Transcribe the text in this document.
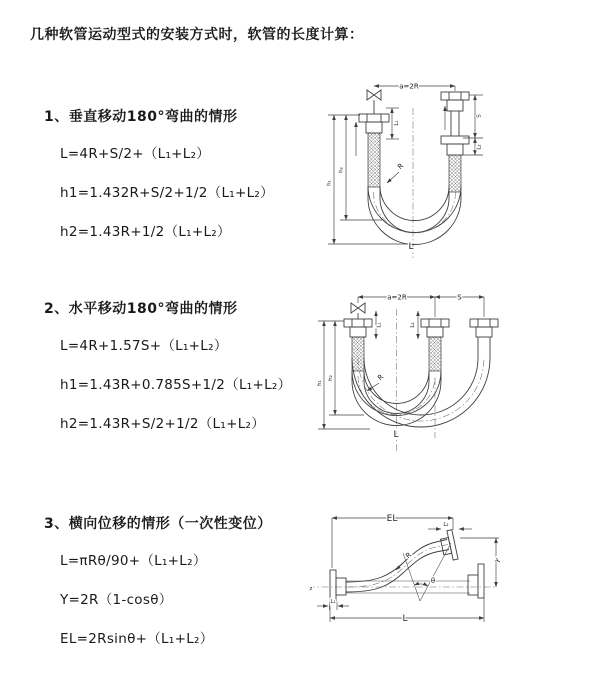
几种软管运动型式的安装方式时，软管的长度计算：
1、垂直移动180°弯曲的情形
L=4R+S/2+（L₁+L₂）
h1=1.432R+S/2+1/2（L₁+L₂）
h2=1.43R+1/2（L₁+L₂）
2、水平移动180°弯曲的情形
L=4R+1.57S+（L₁+L₂）
h1=1.43R+0.785S+1/2（L₁+L₂）
h2=1.43R+S/2+1/2（L₁+L₂）
3、横向位移的情形（一次性变位）
L=πRθ/90+（L₁+L₂）
Y=2R（1-cosθ）
EL=2Rsinθ+（L₁+L₂）
a=2R
L₁
S
L₂
R
h₁
h₂
L
a=2R	S
L₁	L₂
h₁
h₂	R
L
z
EL
L₂
Y
θ
R
L₁
L
